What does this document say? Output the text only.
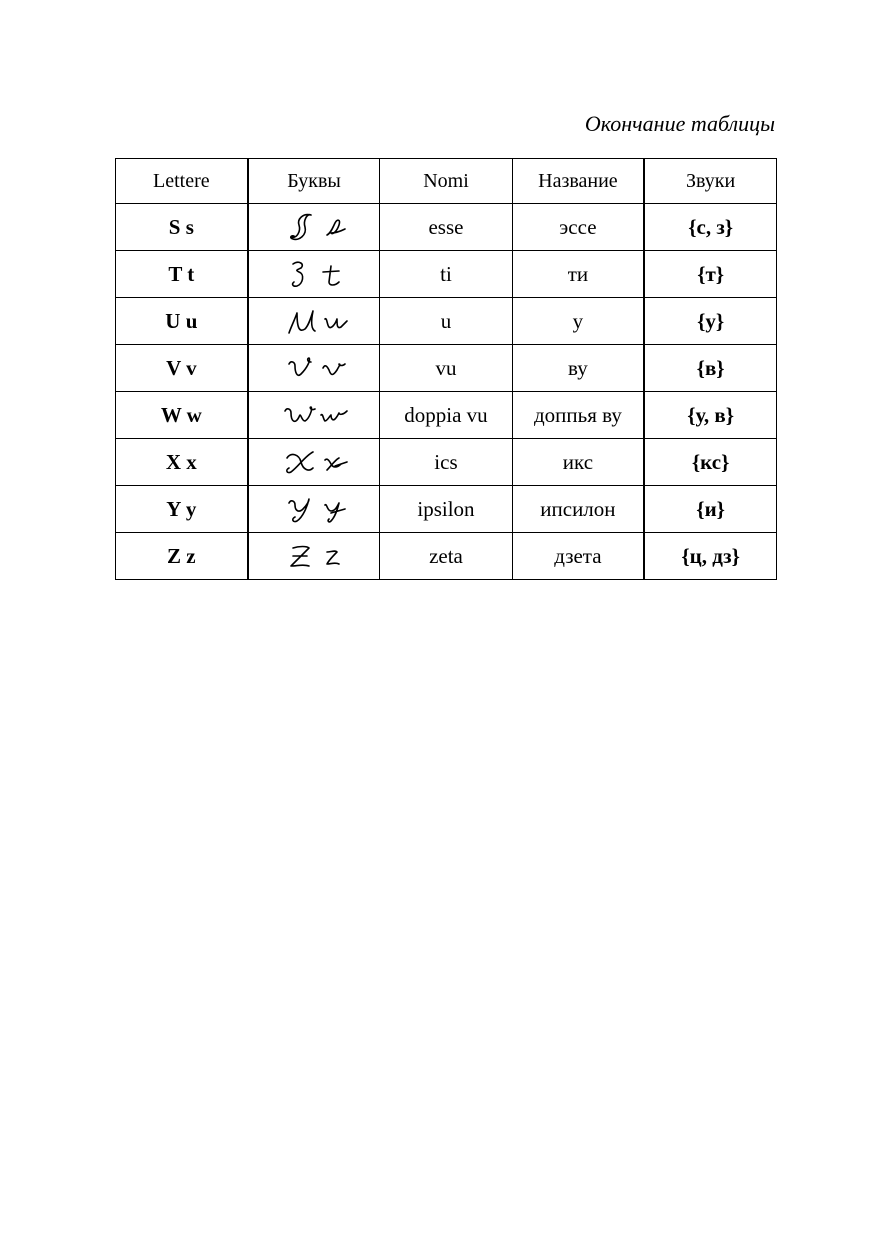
Окончание таблицы
Lettere	Буквы	Nomi	Название	Звуки
S s		esse	эссе	{с, з}
T t		ti	ти	{т}
U u		u	у	{у}
V v		vu	ву	{в}
W w		doppia vu	доппья ву	{у, в}
X x		ics	икс	{кс}
Y y		ipsilon	ипсилон	{и}
Z z		zeta	дзета	{ц, дз}
